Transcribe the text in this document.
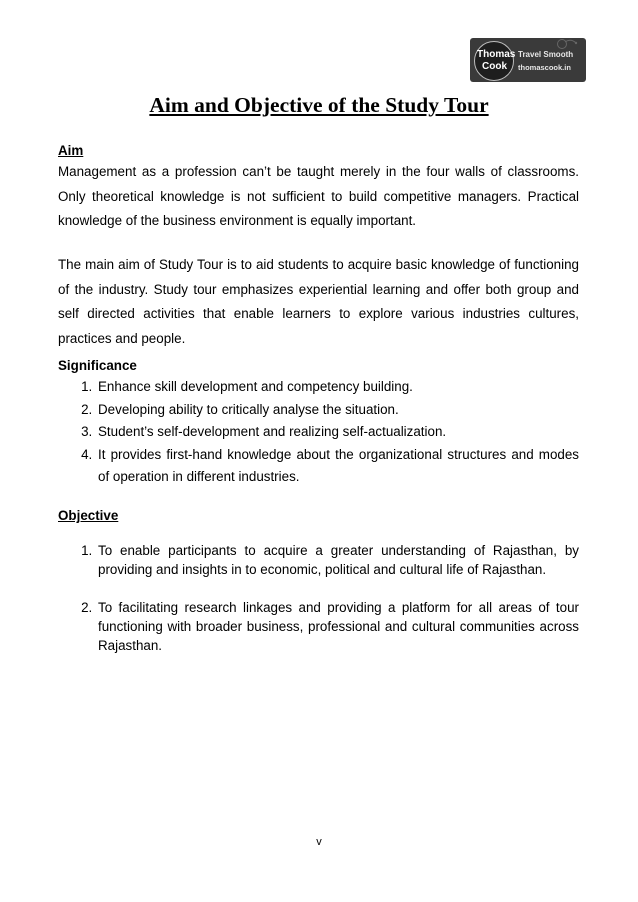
Thomas
Cook
Travel Smooth
thomascook.in
Aim and Objective of the Study Tour
Aim

Management as a profession can’t be taught merely in the four walls of classrooms. Only theoretical knowledge is not sufficient to build competitive managers. Practical knowledge of the business environment is equally important.

The main aim of Study Tour is to aid students to acquire basic knowledge of functioning of the industry. Study tour emphasizes experiential learning and offer both group and self directed activities that enable learners to explore various industries cultures, practices and people.

Significance
1. Enhance skill development and competency building.
2. Developing ability to critically analyse the situation.
3. Student’s self-development and realizing self-actualization.
4. It provides first-hand knowledge about the organizational structures and modes of operation in different industries.
Objective
1. To enable participants to acquire a greater understanding of Rajasthan, by providing and insights in to economic, political and cultural life of Rajasthan.
2. To facilitating research linkages and providing a platform for all areas of tour functioning with broader business, professional and cultural communities across Rajasthan.
v
